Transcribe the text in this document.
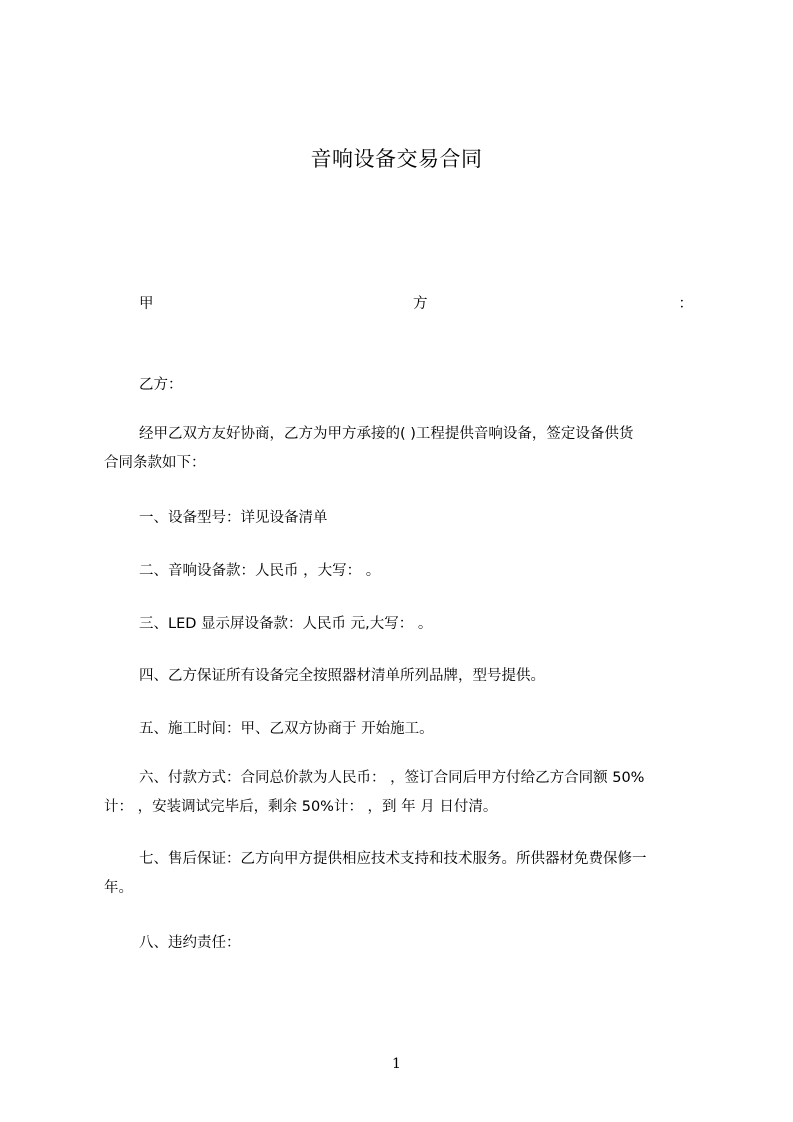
音响设备交易合同
甲	方	：
乙方：
经甲乙双方友好协商，乙方为甲方承接的( )工程提供音响设备，签定设备供货
合同条款如下：
一、设备型号：详见设备清单
二、音响设备款：人民币 ，大写： 。
三、LED 显示屏设备款：人民币 元,大写： 。
四、乙方保证所有设备完全按照器材清单所列品牌，型号提供。
五、施工时间：甲、乙双方协商于 开始施工。
六、付款方式：合同总价款为人民币： ，签订合同后甲方付给乙方合同额 50%
计： ，安装调试完毕后，剩余 50%计： ，到 年 月 日付清。
七、售后保证：乙方向甲方提供相应技术支持和技术服务。所供器材免费保修一
年。
八、违约责任：
1
